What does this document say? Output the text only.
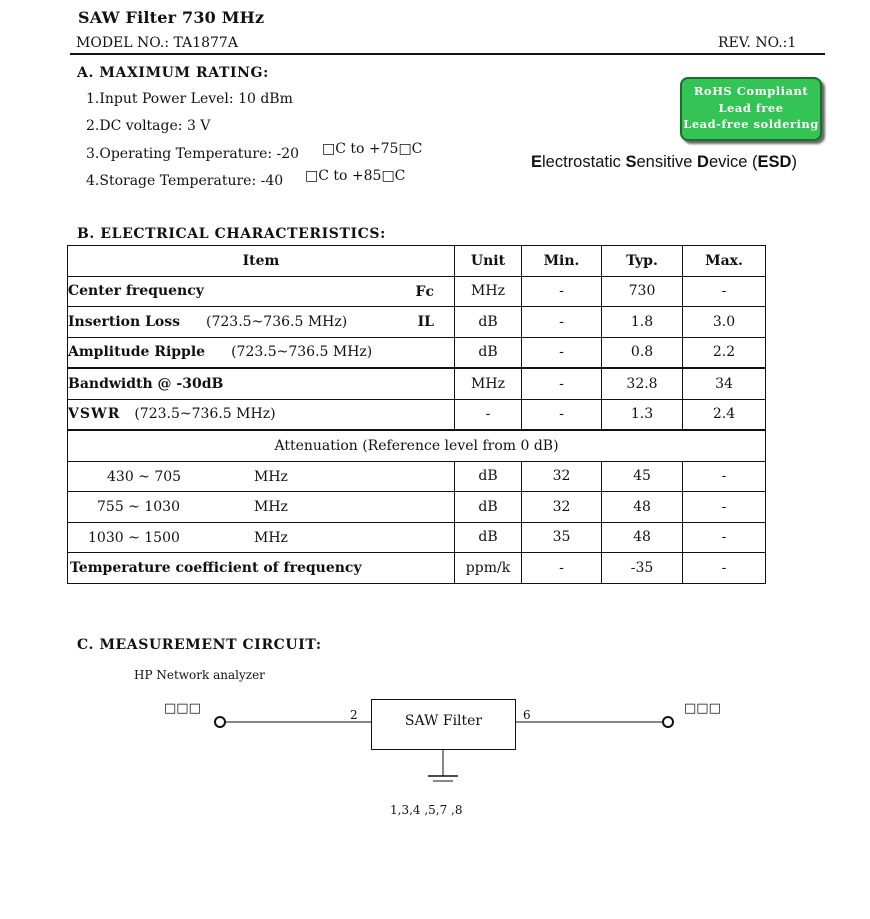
SAW Filter 730 MHz
MODEL NO.: TA1877A	REV. NO.:1
A. MAXIMUM RATING:
1.Input Power Level: 10 dBm
2.DC voltage: 3 V
3.Operating Temperature: -20 □C to +75□C
4.Storage Temperature: -40 □C to +85□C
RoHS Compliant
Lead free
Lead-free soldering
Electrostatic Sensitive Device (ESD)
B. ELECTRICAL CHARACTERISTICS:
Item	Unit	Min.	Typ.	Max.
Center frequency Fc	MHz	-	730	-
Insertion Loss (723.5~736.5 MHz) IL	dB	-	1.8	3.0
Amplitude Ripple (723.5~736.5 MHz)	dB	-	0.8	2.2
Bandwidth @ -30dB	MHz	-	32.8	34
VSWR (723.5~736.5 MHz)	-	-	1.3	2.4
Attenuation (Reference level from 0 dB)				

430 ~ 705 MHz	dB	32	45	-

755 ~ 1030 MHz	dB	32	48	-

1030 ~ 1500 MHz	dB	35	48	-
Temperature coefficient of frequency	ppm/k	-	-35	-
C. MEASUREMENT CIRCUIT:
HP Network analyzer
□□□	□□□
2	6
SAW Filter
1,3,4 ,5,7 ,8
